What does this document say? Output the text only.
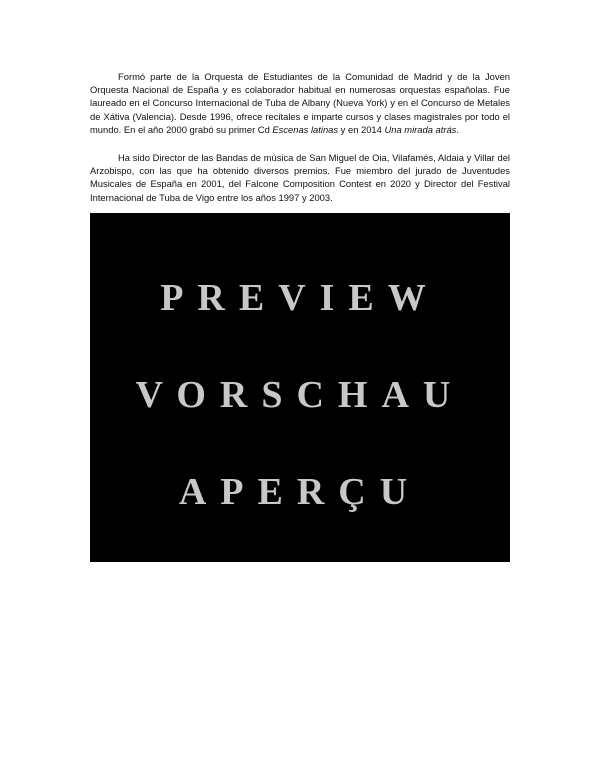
Formó parte de la Orquesta de Estudiantes de la Comunidad de Madrid y de la Joven Orquesta Nacional de España y es colaborador habitual en numerosas orquestas españolas. Fue laureado en el Concurso Internacional de Tuba de Albany (Nueva York) y en el Concurso de Metales de Xátiva (Valencia). Desde 1996, ofrece recitales e imparte cursos y clases magistrales por todo el mundo. En el año 2000 grabó su primer Cd Escenas latinas y en 2014 Una mirada atrás.

Ha sido Director de las Bandas de música de San Miguel de Oia, Vilafamés, Aldaia y Villar del Arzobispo, con las que ha obtenido diversos premios. Fue miembro del jurado de Juventudes Musicales de España en 2001, del Falcone Composition Contest en 2020 y Director del Festival Internacional de Tuba de Vigo entre los años 1997 y 2003.

PREVIEW
VORSCHAU
APERÇU
